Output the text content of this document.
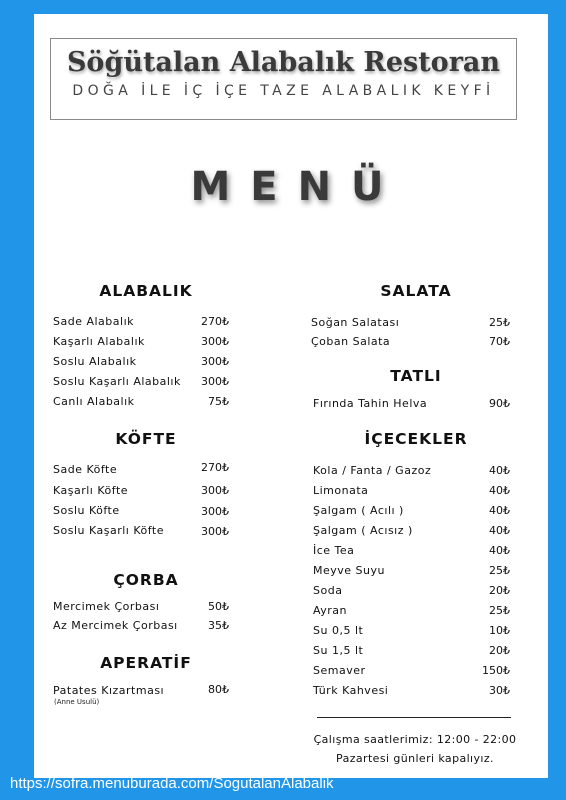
Söğütalan Alabalık Restoran
DOĞA İLE İÇ İÇE TAZE ALABALIK KEYFİ
MENÜ
ALABALIK
Sade Alabalık	270₺
Kaşarlı Alabalık	300₺
Soslu Alabalık	300₺
Soslu Kaşarlı Alabalık	300₺
Canlı Alabalık	75₺
KÖFTE
Sade Köfte	270₺
Kaşarlı Köfte	300₺
Soslu Köfte	300₺
Soslu Kaşarlı Köfte	300₺
ÇORBA
Mercimek Çorbası	50₺
Az Mercimek Çorbası	35₺
APERATİF
Patates Kızartması	80₺
(Anne Usulü)
SALATA
Soğan Salatası	25₺
Çoban Salata	70₺
TATLI
Fırında Tahin Helva	90₺
İÇECEKLER
Kola / Fanta / Gazoz	40₺
Limonata	40₺
Şalgam ( Acılı )	40₺
Şalgam ( Acısız )	40₺
İce Tea	40₺
Meyve Suyu	25₺
Soda	20₺
Ayran	25₺
Su 0,5 lt	10₺
Su 1,5 lt	20₺
Semaver	150₺
Türk Kahvesi	30₺
Çalışma saatlerimiz: 12:00 - 22:00
Pazartesi günleri kapalıyız.
https://sofra.menuburada.com/SogutalanAlabalik
